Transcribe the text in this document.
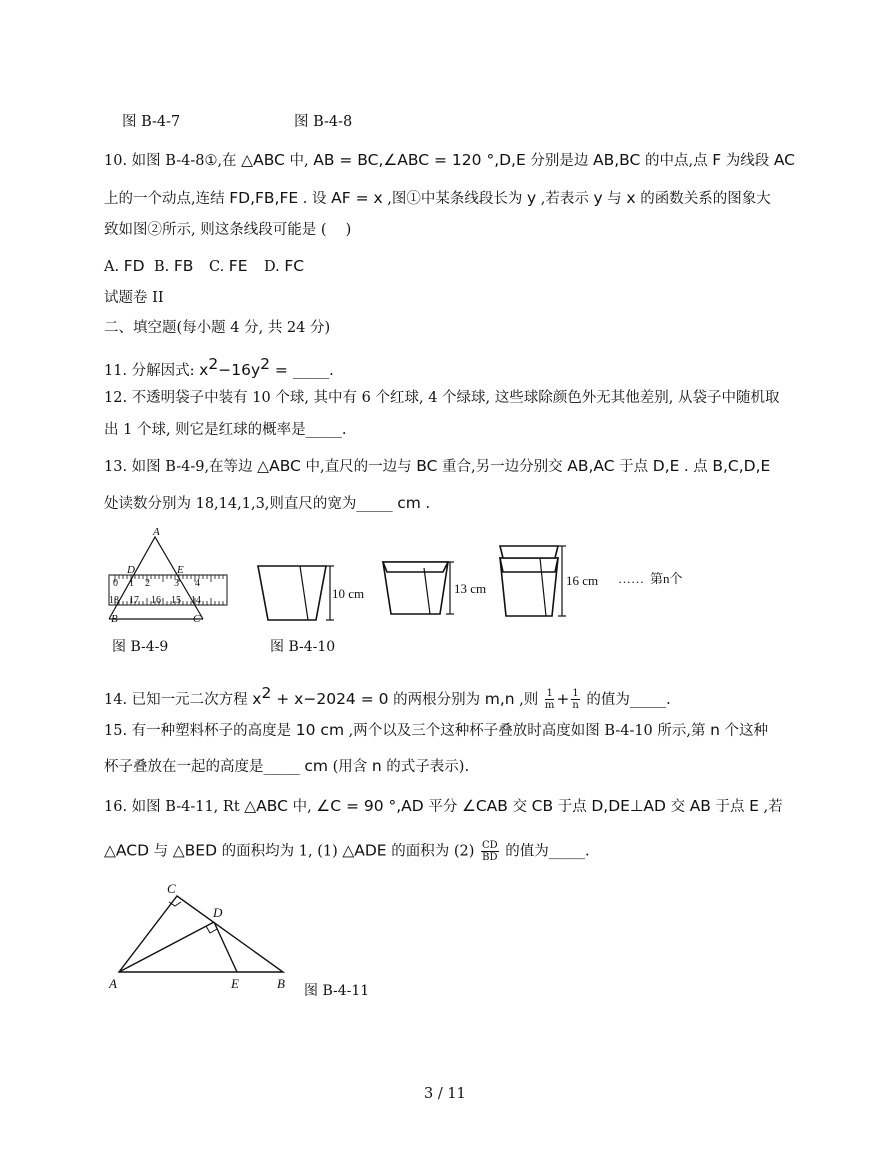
图 B-4-7	图 B-4-8
10. 如图 B-4-8①,在 △ABC 中, AB = BC,∠ABC = 120 °,D,E 分别是边 AB,BC 的中点,点 F 为线段 AC
上的一个动点,连结 FD,FB,FE . 设 AF = x ,图①中某条线段长为 y ,若表示 y 与 x 的函数关系的图象大
致如图②所示, 则这条线段可能是 (　 )
A. FD B. FB C. FE D. FC
试题卷 II
二、填空题(每小题 4 分, 共 24 分)
11. 分解因式: $x^2-16y^2$ = _____.
12. 不透明袋子中装有 10 个球, 其中有 6 个红球, 4 个绿球, 这些球除颜色外无其他差别, 从袋子中随机取
出 1 个球, 则它是红球的概率是_____.
13. 如图 B-4-9,在等边 △ABC 中,直尺的一边与 BC 重合,另一边分别交 AB,AC 于点 D,E . 点 B,C,D,E
处读数分别为 18,14,1,3,则直尺的宽为_____ cm .
0 1 2 3 4
18 17 16 15 14
A
D	E
B	C
图 B-4-9
10 cm	13 cm
16 cm …… 第n个
图 B-4-10
14. 已知一元二次方程 $x^2 + x-2024 = 0$ 的两根分别为 m,n ,则 $\frac{1}{m} + \frac{1}{n}$ 的值为_____.
15. 有一种塑料杯子的高度是 10 cm ,两个以及三个这种杯子叠放时高度如图 B-4-10 所示,第 n 个这种
杯子叠放在一起的高度是_____ cm (用含 n 的式子表示).
16. 如图 B-4-11, Rt △ABC 中, ∠C = 90 °,AD 平分 ∠CAB 交 CB 于点 D,DE⊥AD 交 AB 于点 E ,若
△ACD 与 △BED 的面积均为 1, (1) △ADE 的面积为 $(2) \frac{CD}{BD}$ 的值为_____.
C
D
A	E	B 图 B-4-11
3 / 11
